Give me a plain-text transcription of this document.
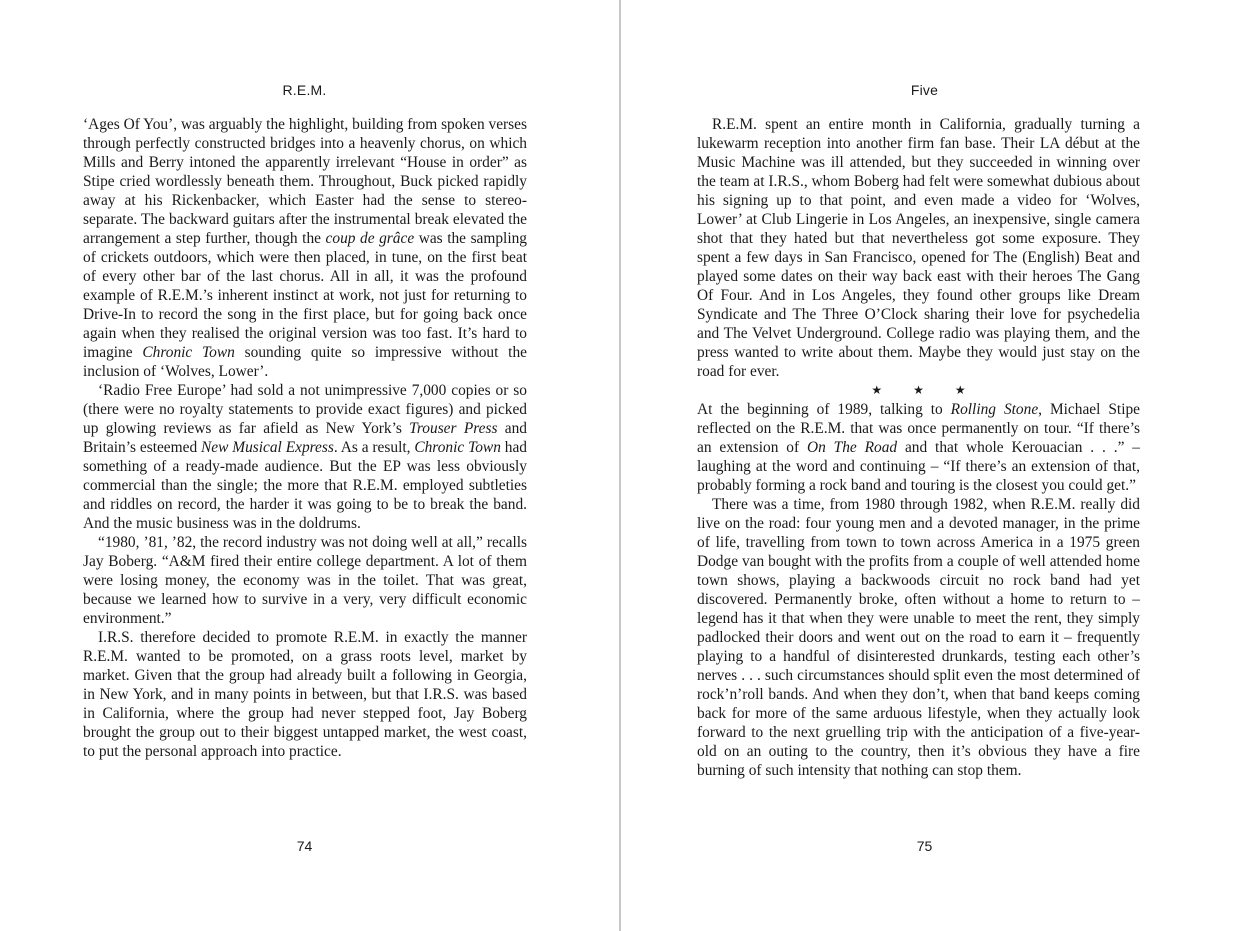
R.E.M.

‘Ages Of You’, was arguably the highlight, building from spoken verses through perfectly constructed bridges into a heavenly chorus, on which Mills and Berry intoned the apparently irrelevant “House in order” as Stipe cried wordlessly beneath them. Throughout, Buck picked rapidly away at his Rickenbacker, which Easter had the sense to stereo-separate. The backward guitars after the instrumental break elevated the arrangement a step further, though the coup de grâce was the sampling of crickets outdoors, which were then placed, in tune, on the first beat of every other bar of the last chorus. All in all, it was the profound example of R.E.M.’s inherent instinct at work, not just for returning to Drive-In to record the song in the first place, but for going back once again when they realised the original version was too fast. It’s hard to imagine Chronic Town sounding quite so impressive without the inclusion of ‘Wolves, Lower’.

‘Radio Free Europe’ had sold a not unimpressive 7,000 copies or so (there were no royalty statements to provide exact figures) and picked up glowing reviews as far afield as New York’s Trouser Press and Britain’s esteemed New Musical Express. As a result, Chronic Town had something of a ready-made audience. But the EP was less obviously commercial than the single; the more that R.E.M. employed subtleties and riddles on record, the harder it was going to be to break the band. And the music business was in the doldrums.

“1980, ’81, ’82, the record industry was not doing well at all,” recalls Jay Boberg. “A&M fired their entire college department. A lot of them were losing money, the economy was in the toilet. That was great, because we learned how to survive in a very, very difficult economic environment.”

I.R.S. therefore decided to promote R.E.M. in exactly the manner R.E.M. wanted to be promoted, on a grass roots level, market by market. Given that the group had already built a following in Georgia, in New York, and in many points in between, but that I.R.S. was based in California, where the group had never stepped foot, Jay Boberg brought the group out to their biggest untapped market, the west coast, to put the personal approach into practice.

74
Five

R.E.M. spent an entire month in California, gradually turning a lukewarm reception into another firm fan base. Their LA début at the Music Machine was ill attended, but they succeeded in winning over the team at I.R.S., whom Boberg had felt were somewhat dubious about his signing up to that point, and even made a video for ‘Wolves, Lower’ at Club Lingerie in Los Angeles, an inexpensive, single camera shot that they hated but that nevertheless got some exposure. They spent a few days in San Francisco, opened for The (English) Beat and played some dates on their way back east with their heroes The Gang Of Four. And in Los Angeles, they found other groups like Dream Syndicate and The Three O’Clock sharing their love for psychedelia and The Velvet Underground. College radio was playing them, and the press wanted to write about them. Maybe they would just stay on the road for ever.

★ ★ ★

At the beginning of 1989, talking to Rolling Stone, Michael Stipe reflected on the R.E.M. that was once permanently on tour. “If there’s an extension of On The Road and that whole Kerouacian . . .” – laughing at the word and continuing – “If there’s an extension of that, probably forming a rock band and touring is the closest you could get.”

There was a time, from 1980 through 1982, when R.E.M. really did live on the road: four young men and a devoted manager, in the prime of life, travelling from town to town across America in a 1975 green Dodge van bought with the profits from a couple of well attended home town shows, playing a backwoods circuit no rock band had yet discovered. Permanently broke, often without a home to return to – legend has it that when they were unable to meet the rent, they simply padlocked their doors and went out on the road to earn it – frequently playing to a handful of disinterested drunkards, testing each other’s nerves . . . such circumstances should split even the most determined of rock’n’roll bands. And when they don’t, when that band keeps coming back for more of the same arduous lifestyle, when they actually look forward to the next gruelling trip with the anticipation of a five-year-old on an outing to the country, then it’s obvious they have a fire burning of such intensity that nothing can stop them.

75
